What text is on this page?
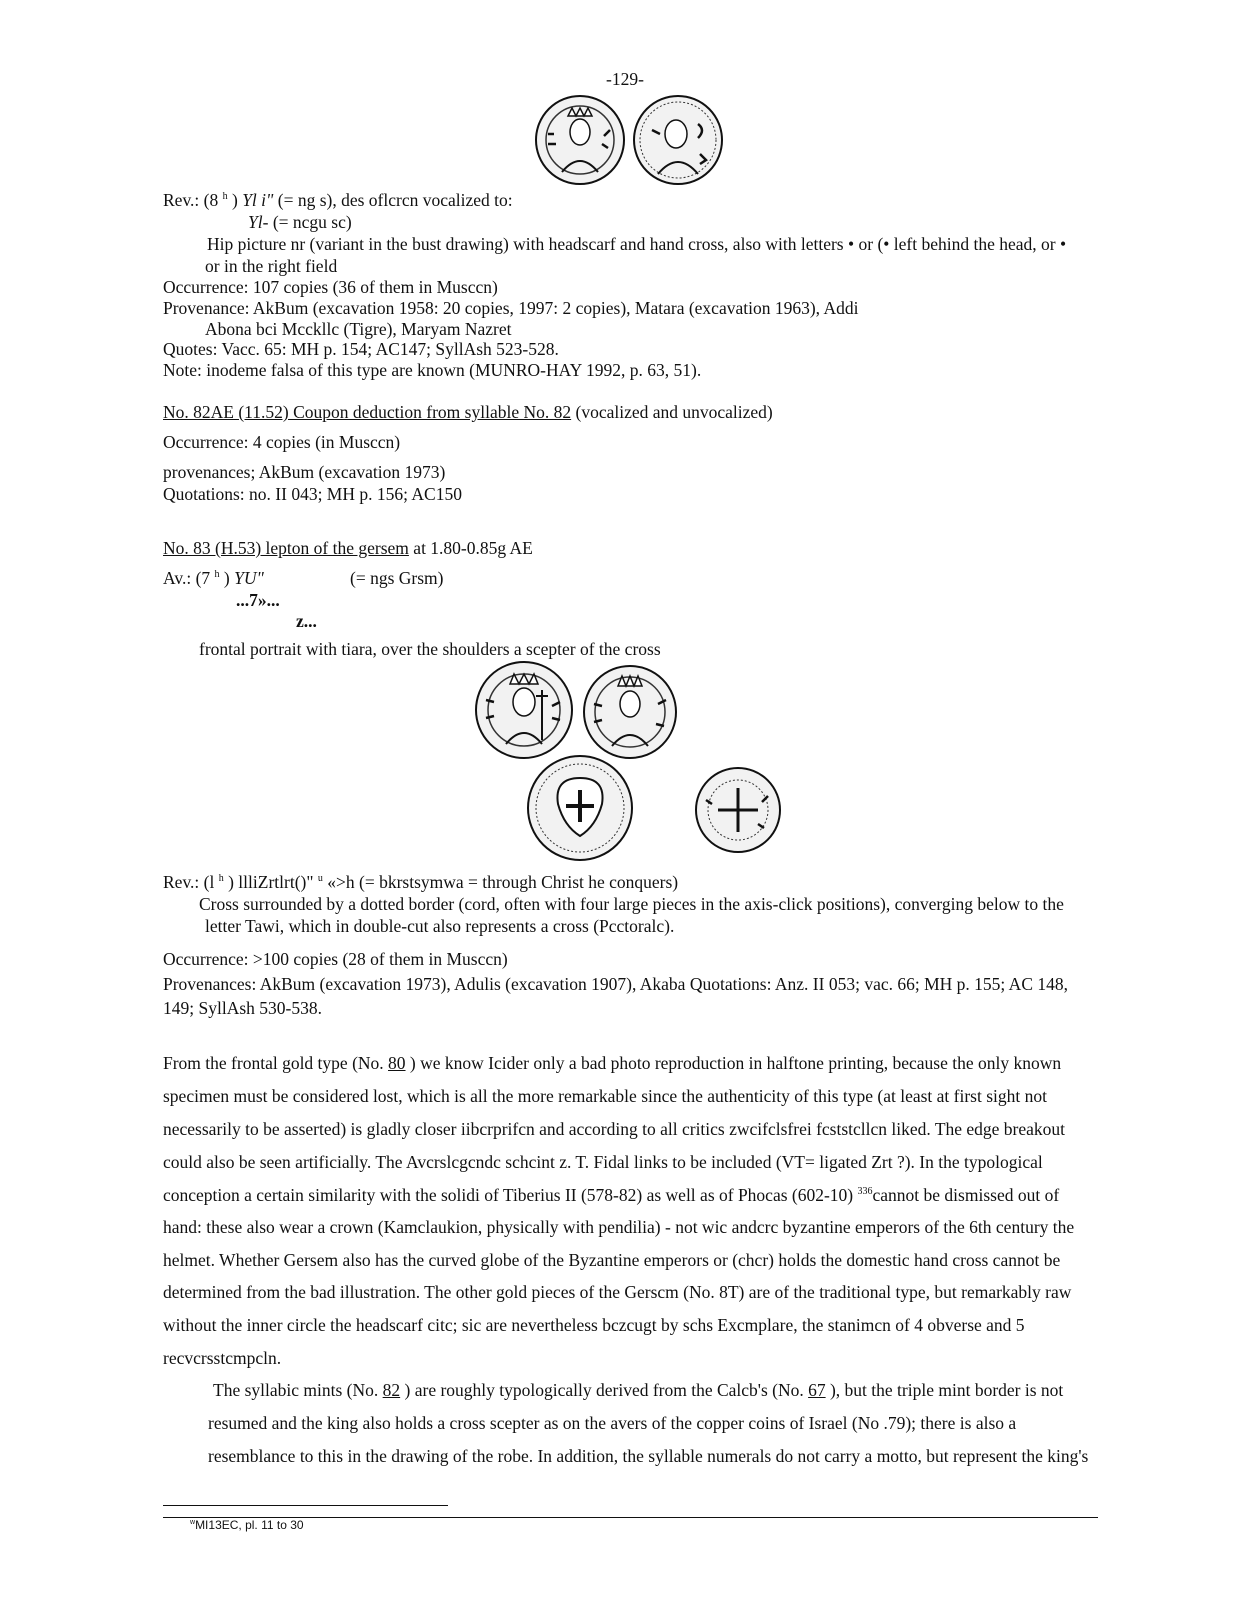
-129-
Rev.: (8 $^h$ ) Yl i" (= ng s), des oflcrcn vocalized to:
Yl- (= ncgu sc)
Hip picture nr (variant in the bust drawing) with headscarf and hand cross, also with letters • or (• left behind the head, or •
or in the right field
Occurrence: 107 copies (36 of them in Musccn)
Provenance: AkBum (excavation 1958: 20 copies, 1997: 2 copies), Matara (excavation 1963), Addi
Abona bci Mcckllc (Tigre), Maryam Nazret
Quotes: Vacc. 65: MH p. 154; AC147; SyllAsh 523-528.
Note: inodeme falsa of this type are known (MUNRO-HAY 1992, p. 63, 51).
No. 82AE (11.52) Coupon deduction from syllable No. 82 (vocalized and unvocalized)
Occurrence: 4 copies (in Musccn)
provenances; AkBum (excavation 1973)
Quotations: no. II 043; MH p. 156; AC150
No. 83 (H.53) lepton of the gersem at 1.80-0.85g AE
Av.: (7 $^h$ ) YU"	(= ngs Grsm)
...7»...
z...
frontal portrait with tiara, over the shoulders a scepter of the cross
Rev.: (l $^h$ ) llliZrtlrt()" $^u$ «>h (= bkrstsymwa = through Christ he conquers)
Cross surrounded by a dotted border (cord, often with four large pieces in the axis-click positions), converging below to the
letter Tawi, which in double-cut also represents a cross (Pcctoralc).
Occurrence: >100 copies (28 of them in Musccn)
Provenances: AkBum (excavation 1973), Adulis (excavation 1907), Akaba Quotations: Anz. II 053; vac. 66; MH p. 155; AC 148,
149; SyllAsh 530-538.
From the frontal gold type (No. 80 ) we know Icider only a bad photo reproduction in halftone printing, because the only known
specimen must be considered lost, which is all the more remarkable since the authenticity of this type (at least at first sight not
necessarily to be asserted) is gladly closer iibcrprifcn and according to all critics zwcifclsfrei fcststcllcn liked. The edge breakout
could also be seen artificially. The Avcrslcgcndc schcint z. T. Fidal links to be included (VT= ligated Zrt ?). In the typological
conception a certain similarity with the solidi of Tiberius II (578-82) as well as of Phocas (602-10) $^{336}$cannot be dismissed out of
hand: these also wear a crown (Kamclaukion, physically with pendilia) - not wic andcrc byzantine emperors of the 6th century the
helmet. Whether Gersem also has the curved globe of the Byzantine emperors or (chcr) holds the domestic hand cross cannot be
determined from the bad illustration. The other gold pieces of the Gerscm (No. 8T) are of the traditional type, but remarkably raw
without the inner circle the headscarf citc; sic are nevertheless bczcugt by schs Excmplare, the stanimcn of 4 obverse and 5
recvcrsstcmpcln.
The syllabic mints (No. 82 ) are roughly typologically derived from the Calcb's (No. 67 ), but the triple mint border is not
resumed and the king also holds a cross scepter as on the avers of the copper coins of Israel (No .79); there is also a
resemblance to this in the drawing of the robe. In addition, the syllable numerals do not carry a motto, but represent the king's
$^w$MI13EC, pl. 11 to 30
